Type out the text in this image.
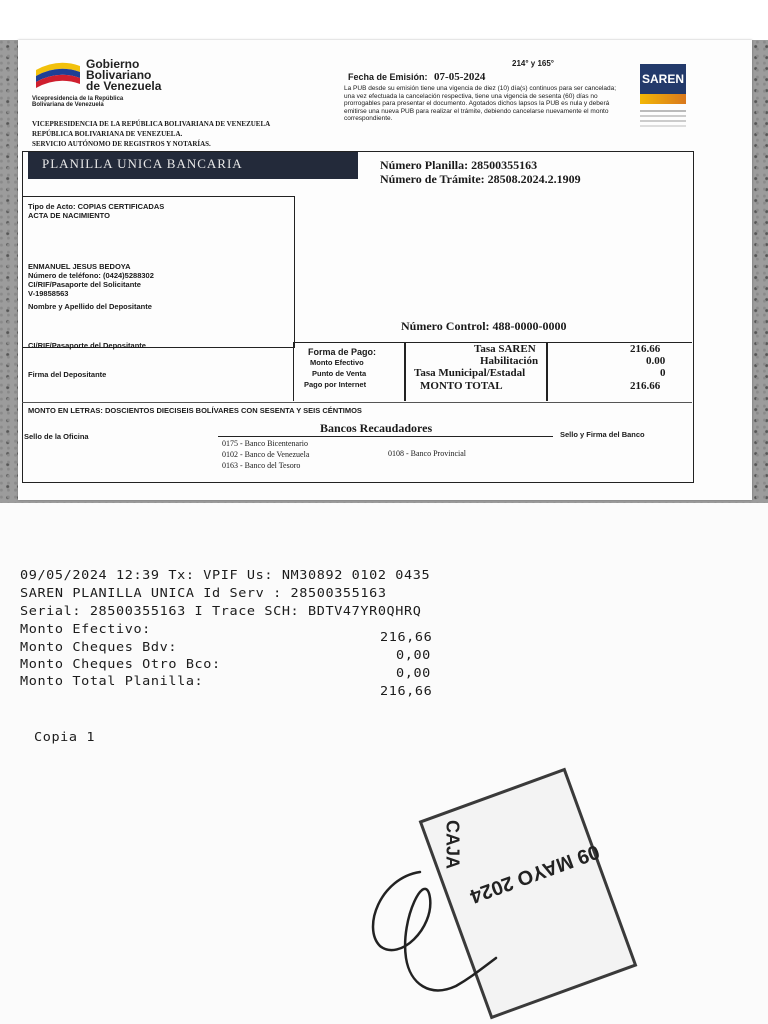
Gobierno
Bolivariano
de Venezuela
Vicepresidencia de la República
Bolivariana de Venezuela
VICEPRESIDENCIA DE LA REPÚBLICA BOLIVARIANA DE VENEZUELA
REPÚBLICA BOLIVARIANA DE VENEZUELA.
SERVICIO AUTÓNOMO DE REGISTROS Y NOTARÍAS.
214° y 165°
Fecha de Emisión: 07-05-2024
La PUB desde su emisión tiene una vigencia de diez (10) día(s) continuos para ser cancelada; una vez efectuada la cancelación respectiva, tiene una vigencia de sesenta (60) días no prorrogables para presentar el documento. Agotados dichos lapsos la PUB es nula y deberá emitirse una nueva PUB para realizar el trámite, debiendo cancelarse nuevamente el monto correspondiente.
SAREN
PLANILLA UNICA BANCARIA	Número Planilla: 28500355163
Número de Trámite: 28508.2024.2.1909
Tipo de Acto: COPIAS CERTIFICADAS
ACTA DE NACIMIENTO
ENMANUEL JESUS BEDOYA
Número de teléfono: (0424)5288302
CI/RIF/Pasaporte del Solicitante
V-19858563
Nombre y Apellido del Depositante
CI/RIF/Pasaporte del Depositante
Firma del Depositante
Número Control: 488-0000-0000
Forma de Pago:
Monto Efectivo
Punto de Venta
Pago por Internet
Tasa SAREN	216.66
Habilitación	0.00
Tasa Municipal/Estadal	0
MONTO TOTAL	216.66
MONTO EN LETRAS: DOSCIENTOS DIECISEIS BOLÍVARES CON SESENTA Y SEIS CÉNTIMOS
Sello de la Oficina
Bancos Recaudadores	Sello y Firma del Banco
0175 - Banco Bicentenario
0102 - Banco de Venezuela
0163 - Banco del Tesoro
0108 - Banco Provincial
09/05/2024 12:39 Tx: VPIF Us: NM30892 0102 0435
SAREN PLANILLA UNICA Id Serv : 28500355163
Serial: 28500355163 I Trace SCH: BDTV47YR0QHRQ
Monto Efectivo:
216,66
Monto Cheques Bdv:
0,00
Monto Cheques Otro Bco:
0,00
Monto Total Planilla:
216,66
Copia 1
09 MAYO 2024
CAJA
